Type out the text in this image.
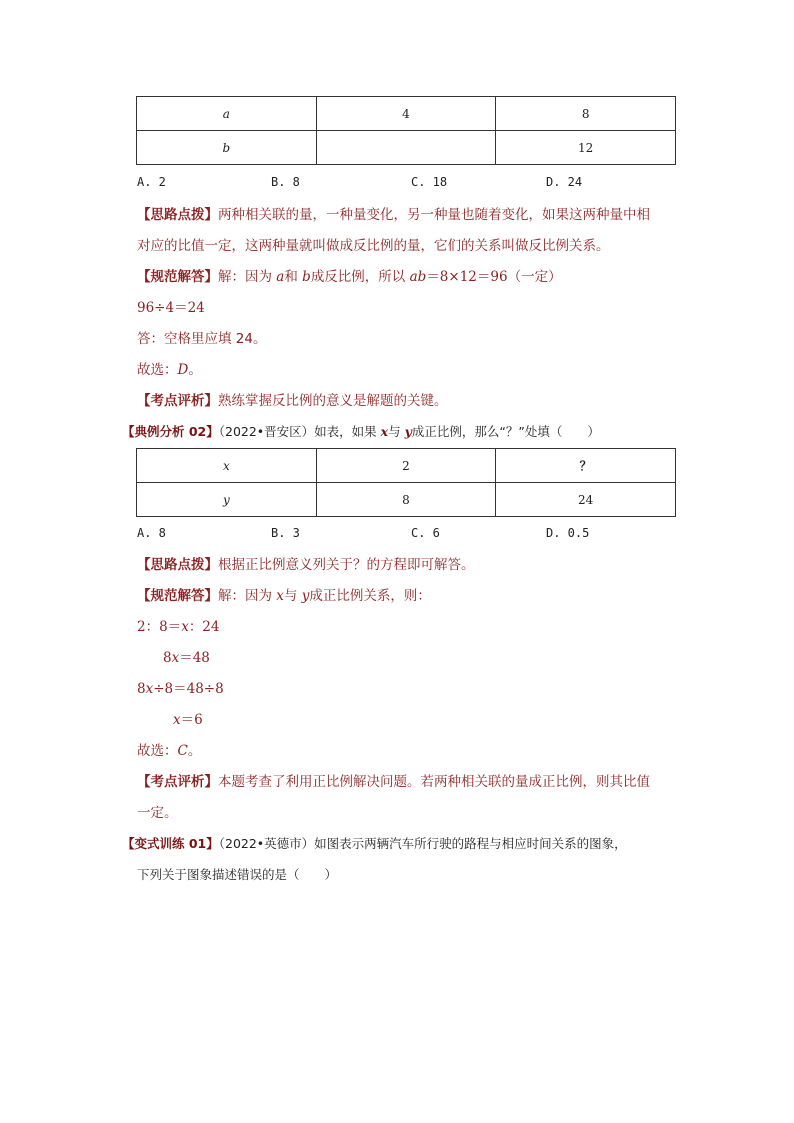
a	4	8
b		12
A. 2	B. 8	C. 18	D. 24
【思路点拨】两种相关联的量，一种量变化，另一种量也随着变化，如果这两种量中相
对应的比值一定，这两种量就叫做成反比例的量，它们的关系叫做反比例关系。
【规范解答】解：因为 a和 b成反比例，所以 ab＝8×12＝96（一定）
96÷4＝24
答：空格里应填 24。
故选：D。
【考点评析】熟练掌握反比例的意义是解题的关键。
【典例分析 02】（2022•晋安区）如表，如果 x与 y成正比例，那么“？”处填（　　）
x	2	？
y	8	24
A. 8	B. 3	C. 6	D. 0.5
【思路点拨】根据正比例意义列关于？的方程即可解答。
【规范解答】解：因为 x与 y成正比例关系，则：
2：8＝x：24
8x＝48
8x÷8＝48÷8
x＝6
故选：C。
【考点评析】本题考查了利用正比例解决问题。若两种相关联的量成正比例，则其比值
一定。
【变式训练 01】（2022•英德市）如图表示两辆汽车所行驶的路程与相应时间关系的图象，
下列关于图象描述错误的是（　　）
